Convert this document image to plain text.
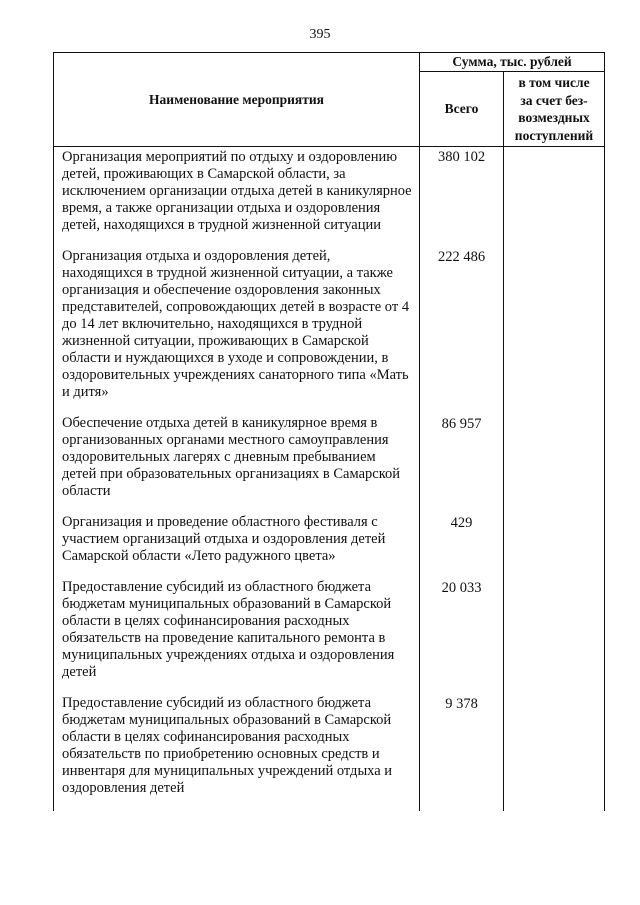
395
Наименование мероприятия	Сумма, тыс. рублей	
	Всего	в том числе
за счет без-
возмездных
поступлений

Организация мероприятий по отдыху и оздоровлению детей, проживающих в Самарской области, за исключением организации отдыха детей в каникулярное время, а также организации отдыха и оздоровления детей, находящихся в трудной жизненной ситуации	380 102	
Организация отдыха и оздоровления детей, находящихся в трудной жизненной ситуации, а также организация и обеспечение оздоровления законных представителей, сопровождающих детей в возрасте от 4 до 14 лет включительно, находящихся в трудной жизненной ситуации, проживающих в Самарской области и нуждающихся в уходе и сопровождении, в оздоровительных учреждениях санаторного типа «Мать и дитя»	222 486	
Обеспечение отдыха детей в каникулярное время в организованных органами местного самоуправления оздоровительных лагерях с дневным пребыванием детей при образовательных организациях в Самарской области	86 957	
Организация и проведение областного фестиваля с участием организаций отдыха и оздоровления детей Самарской области «Лето радужного цвета»	429	
Предоставление субсидий из областного бюджета бюджетам муниципальных образований в Самарской области в целях софинансирования расходных обязательств на проведение капитального ремонта в муниципальных учреждениях отдыха и оздоровления детей	20 033	
Предоставление субсидий из областного бюджета бюджетам муниципальных образований в Самарской области в целях софинансирования расходных обязательств по приобретению основных средств и инвентаря для муниципальных учреждений отдыха и оздоровления детей	9 378	
